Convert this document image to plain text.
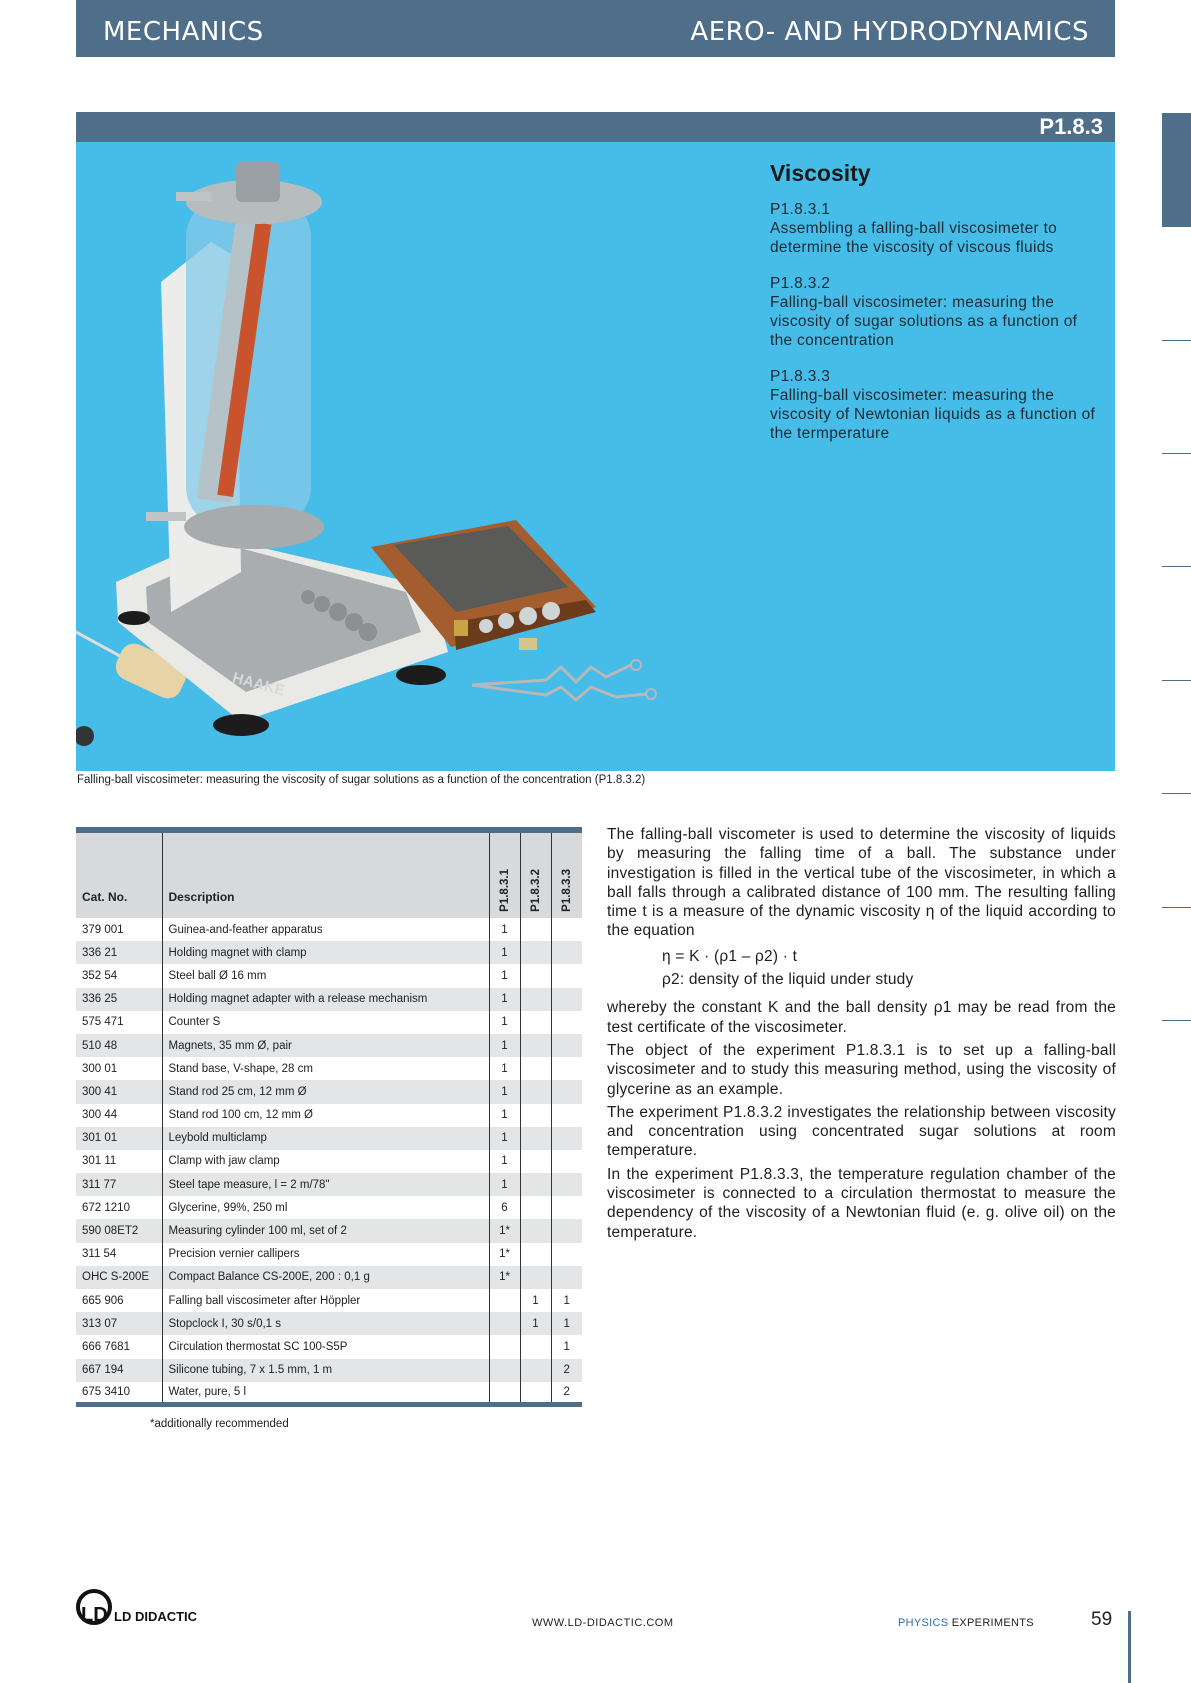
MECHANICS	AERO- AND HYDRODYNAMICS
P1.8.3
HAAKE
Viscosity
P1.8.3.1
Assembling a falling-ball viscosimeter to determine the viscosity of viscous fluids
P1.8.3.2
Falling-ball viscosimeter: measuring the viscosity of sugar solutions as a function of the concentration
P1.8.3.3
Falling-ball viscosimeter: measuring the viscosity of Newtonian liquids as a function of the termperature
Falling-ball viscosimeter: measuring the viscosity of sugar solutions as a function of the concentration (P1.8.3.2)
Cat. No.	Description	P1.8.3.1	P1.8.3.2	P1.8.3.3

379 001	Guinea-and-feather apparatus	1		
336 21	Holding magnet with clamp	1		
352 54	Steel ball Ø 16 mm	1		
336 25	Holding magnet adapter with a release mechanism	1		
575 471	Counter S	1		
510 48	Magnets, 35 mm Ø, pair	1		
300 01	Stand base, V-shape, 28 cm	1		
300 41	Stand rod 25 cm, 12 mm Ø	1		
300 44	Stand rod 100 cm, 12 mm Ø	1		
301 01	Leybold multiclamp	1		
301 11	Clamp with jaw clamp	1		
311 77	Steel tape measure, l = 2 m/78"	1		
672 1210	Glycerine, 99%, 250 ml	6		
590 08ET2	Measuring cylinder 100 ml, set of 2	1*		
311 54	Precision vernier callipers	1*		
OHC S-200E	Compact Balance CS-200E, 200 : 0,1 g	1*		
665 906	Falling ball viscosimeter after Höppler		1	1
313 07	Stopclock I, 30 s/0,1 s		1	1
666 7681	Circulation thermostat SC 100-S5P			1
667 194	Silicone tubing, 7 x 1.5 mm, 1 m			2
675 3410	Water, pure, 5 l			2
*additionally recommended

The falling-ball viscometer is used to determine the viscosity of liquids by measuring the falling time of a ball. The substance under investigation is filled in the vertical tube of the viscosimeter, in which a ball falls through a calibrated distance of 100 mm. The resulting falling time t is a measure of the dynamic viscosity η of the liquid according to the equation

η = K · (ρ1 – ρ2) · t
ρ2: density of the liquid under study

whereby the constant K and the ball density ρ1 may be read from the test certificate of the viscosimeter.

The object of the experiment P1.8.3.1 is to set up a falling-ball viscosimeter and to study this measuring method, using the viscosity of glycerine as an example.

The experiment P1.8.3.2 investigates the relationship between viscosity and concentration using concentrated sugar solutions at room temperature.

In the experiment P1.8.3.3, the temperature regulation chamber of the viscosimeter is connected to a circulation thermostat to measure the dependency of the viscosity of a Newtonian fluid (e. g. olive oil) on the temperature.

LD LD DIDACTIC	WWW.LD-DIDACTIC.COM	PHYSICS EXPERIMENTS	59
